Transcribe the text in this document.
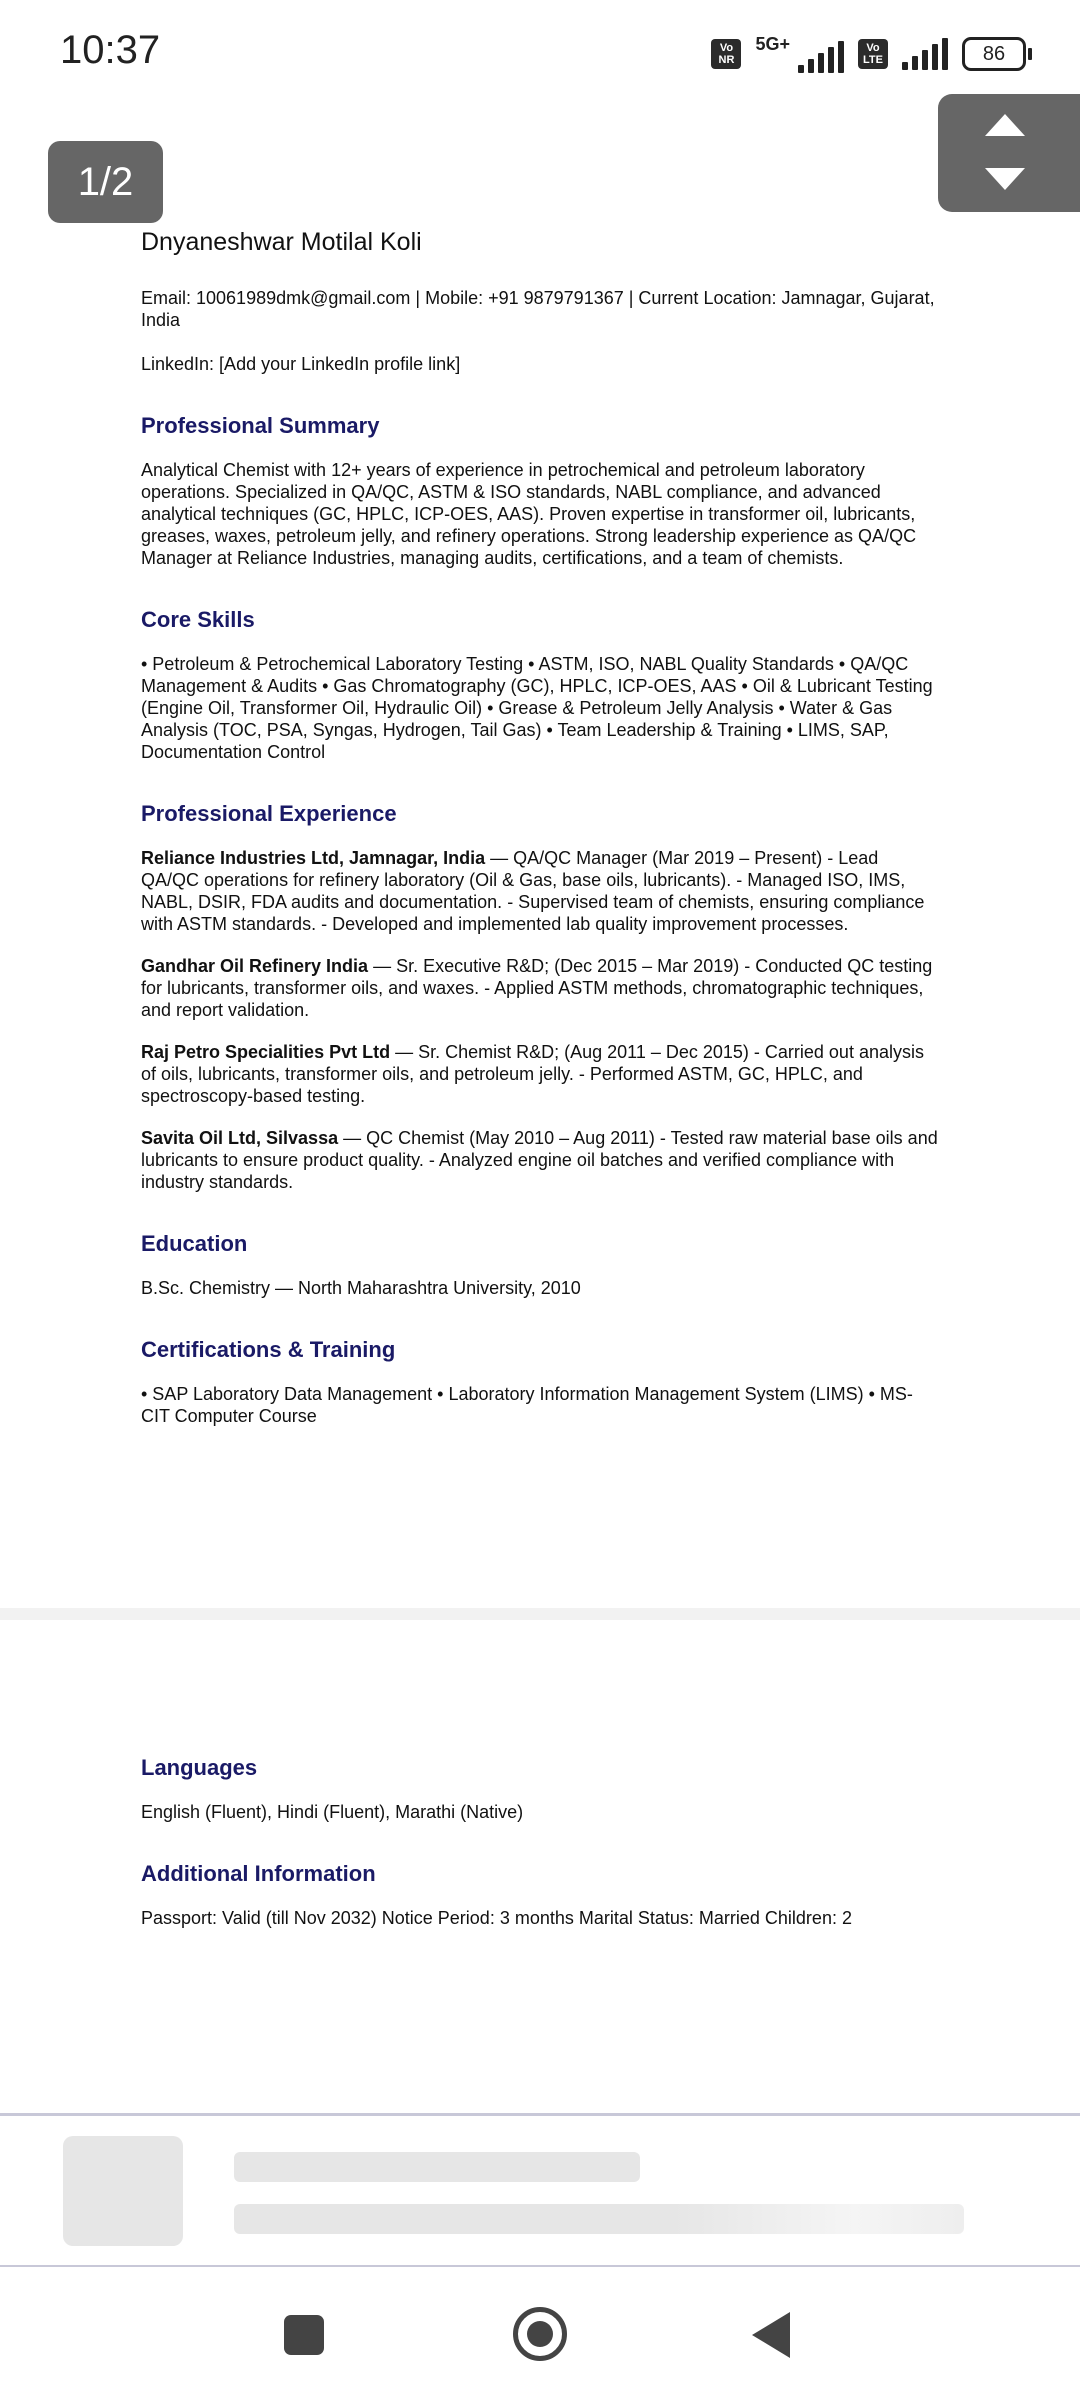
10:37	Vo
NR
5G+	Vo
LTE	86
1/2
Dnyaneshwar Motilal Koli

Email: 10061989dmk@gmail.com | Mobile: +91 9879791367 | Current Location: Jamnagar, Gujarat, India

LinkedIn: [Add your LinkedIn profile link]

Professional Summary

Analytical Chemist with 12+ years of experience in petrochemical and petroleum laboratory operations. Specialized in QA/QC, ASTM & ISO standards, NABL compliance, and advanced analytical techniques (GC, HPLC, ICP-OES, AAS). Proven expertise in transformer oil, lubricants, greases, waxes, petroleum jelly, and refinery operations. Strong leadership experience as QA/QC Manager at Reliance Industries, managing audits, certifications, and a team of chemists.

Core Skills

• Petroleum & Petrochemical Laboratory Testing • ASTM, ISO, NABL Quality Standards • QA/QC Management & Audits • Gas Chromatography (GC), HPLC, ICP-OES, AAS • Oil & Lubricant Testing (Engine Oil, Transformer Oil, Hydraulic Oil) • Grease & Petroleum Jelly Analysis • Water & Gas Analysis (TOC, PSA, Syngas, Hydrogen, Tail Gas) • Team Leadership & Training • LIMS, SAP, Documentation Control

Professional Experience

Reliance Industries Ltd, Jamnagar, India — QA/QC Manager (Mar 2019 – Present) - Lead QA/QC operations for refinery laboratory (Oil & Gas, base oils, lubricants). - Managed ISO, IMS, NABL, DSIR, FDA audits and documentation. - Supervised team of chemists, ensuring compliance with ASTM standards. - Developed and implemented lab quality improvement processes.

Gandhar Oil Refinery India — Sr. Executive R&D; (Dec 2015 – Mar 2019) - Conducted QC testing for lubricants, transformer oils, and waxes. - Applied ASTM methods, chromatographic techniques, and report validation.

Raj Petro Specialities Pvt Ltd — Sr. Chemist R&D; (Aug 2011 – Dec 2015) - Carried out analysis of oils, lubricants, transformer oils, and petroleum jelly. - Performed ASTM, GC, HPLC, and spectroscopy-based testing.

Savita Oil Ltd, Silvassa — QC Chemist (May 2010 – Aug 2011) - Tested raw material base oils and lubricants to ensure product quality. - Analyzed engine oil batches and verified compliance with industry standards.

Education

B.Sc. Chemistry — North Maharashtra University, 2010

Certifications & Training

• SAP Laboratory Data Management • Laboratory Information Management System (LIMS) • MS-CIT Computer Course

Languages

English (Fluent), Hindi (Fluent), Marathi (Native)

Additional Information

Passport: Valid (till Nov 2032) Notice Period: 3 months Marital Status: Married Children: 2
